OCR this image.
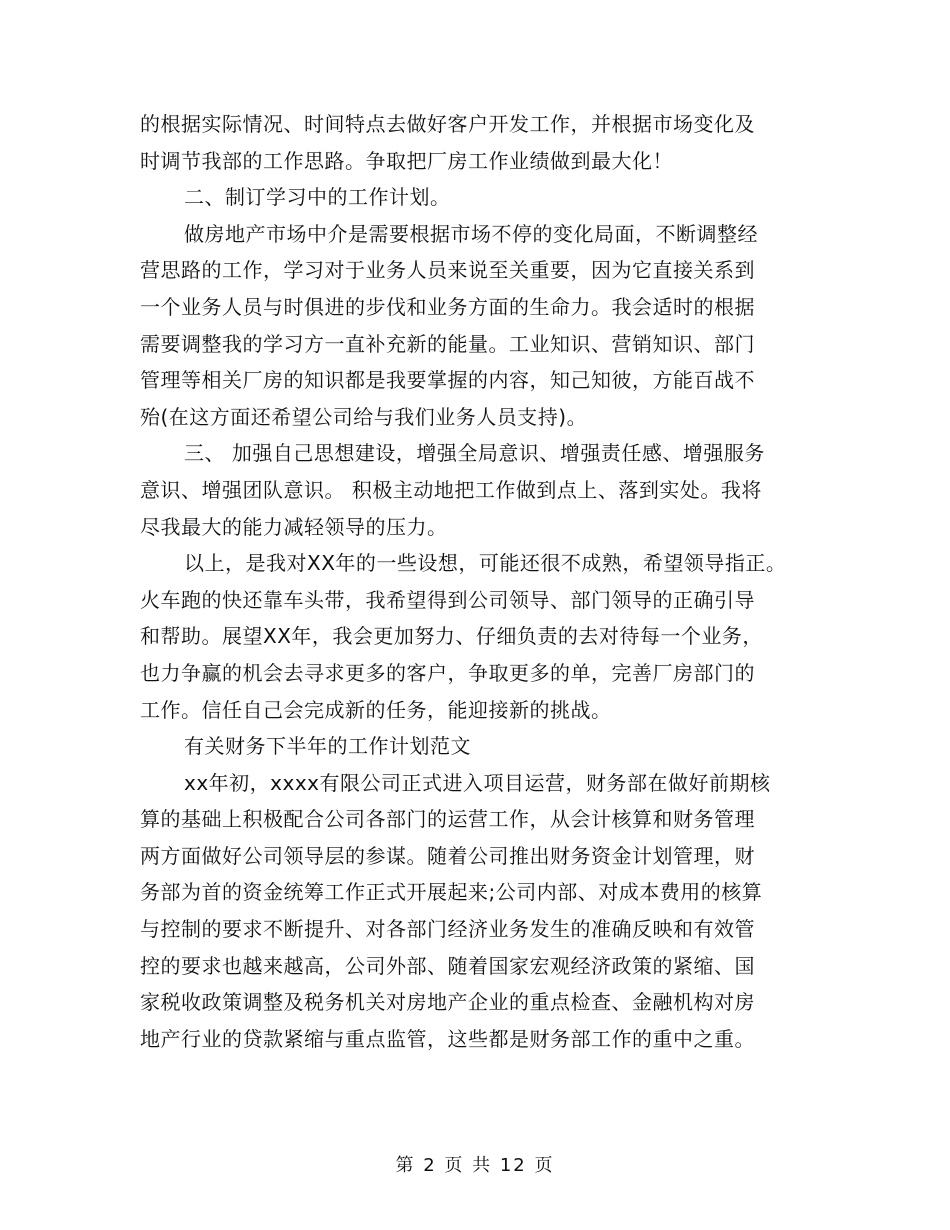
的根据实际情况、时间特点去做好客户开发工作，并根据市场变化及
时调节我部的工作思路。争取把厂房工作业绩做到最大化！
二、制订学习中的工作计划。
做房地产市场中介是需要根据市场不停的变化局面，不断调整经
营思路的工作，学习对于业务人员来说至关重要，因为它直接关系到
一个业务人员与时俱进的步伐和业务方面的生命力。我会适时的根据
需要调整我的学习方一直补充新的能量。工业知识、营销知识、部门
管理等相关厂房的知识都是我要掌握的内容，知己知彼，方能百战不
殆(在这方面还希望公司给与我们业务人员支持)。
三、 加强自己思想建设，增强全局意识、增强责任感、增强服务
意识、增强团队意识。 积极主动地把工作做到点上、落到实处。我将
尽我最大的能力减轻领导的压力。
以上，是我对XX年的一些设想，可能还很不成熟，希望领导指正。
火车跑的快还靠车头带，我希望得到公司领导、部门领导的正确引导
和帮助。展望XX年，我会更加努力、仔细负责的去对待每一个业务，
也力争赢的机会去寻求更多的客户，争取更多的单，完善厂房部门的
工作。信任自己会完成新的任务，能迎接新的挑战。
有关财务下半年的工作计划范文
xx年初，xxxx有限公司正式进入项目运营，财务部在做好前期核
算的基础上积极配合公司各部门的运营工作，从会计核算和财务管理
两方面做好公司领导层的参谋。随着公司推出财务资金计划管理，财
务部为首的资金统筹工作正式开展起来;公司内部、对成本费用的核算
与控制的要求不断提升、对各部门经济业务发生的准确反映和有效管
控的要求也越来越高，公司外部、随着国家宏观经济政策的紧缩、国
家税收政策调整及税务机关对房地产企业的重点检查、金融机构对房
地产行业的贷款紧缩与重点监管，这些都是财务部工作的重中之重。
第 2 页 共 12 页
